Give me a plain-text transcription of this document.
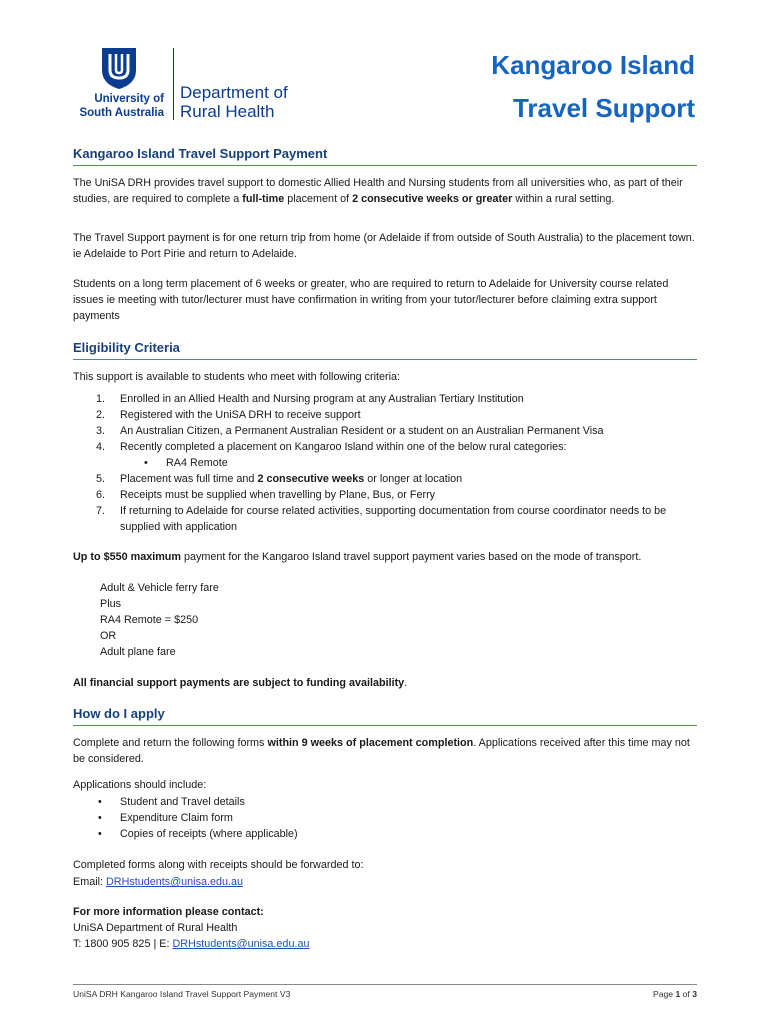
University of
South Australia
Department of
Rural Health
Kangaroo Island
Travel Support
Kangaroo Island Travel Support Payment
The UniSA DRH provides travel support to domestic Allied Health and Nursing students from all universities who, as part of their studies, are required to complete a full-time placement of 2 consecutive weeks or greater within a rural setting.
The Travel Support payment is for one return trip from home (or Adelaide if from outside of South Australia) to the placement town. ie Adelaide to Port Pirie and return to Adelaide.
Students on a long term placement of 6 weeks or greater, who are required to return to Adelaide for University course related issues ie meeting with tutor/lecturer must have confirmation in writing from your tutor/lecturer before claiming extra support payments
Eligibility Criteria
This support is available to students who meet with following criteria:
1. Enrolled in an Allied Health and Nursing program at any Australian Tertiary Institution
2. Registered with the UniSA DRH to receive support
3. An Australian Citizen, a Permanent Australian Resident or a student on an Australian Permanent Visa
4. Recently completed a placement on Kangaroo Island within one of the below rural categories:
• RA4 Remote
5. Placement was full time and 2 consecutive weeks or longer at location
6. Receipts must be supplied when travelling by Plane, Bus, or Ferry
7. If returning to Adelaide for course related activities, supporting documentation from course coordinator needs to be supplied with application
Up to $550 maximum payment for the Kangaroo Island travel support payment varies based on the mode of transport.
Adult & Vehicle ferry fare
Plus
RA4 Remote = $250
OR
Adult plane fare
All financial support payments are subject to funding availability.
How do I apply
Complete and return the following forms within 9 weeks of placement completion. Applications received after this time may not be considered.
Applications should include:
• Student and Travel details
• Expenditure Claim form
• Copies of receipts (where applicable)
Completed forms along with receipts should be forwarded to:
Email: DRHstudents@unisa.edu.au
For more information please contact:
UniSA Department of Rural Health
T: 1800 905 825 | E: DRHstudents@unisa.edu.au
UniSA DRH Kangaroo Island Travel Support Payment V3	Page 1 of 3
